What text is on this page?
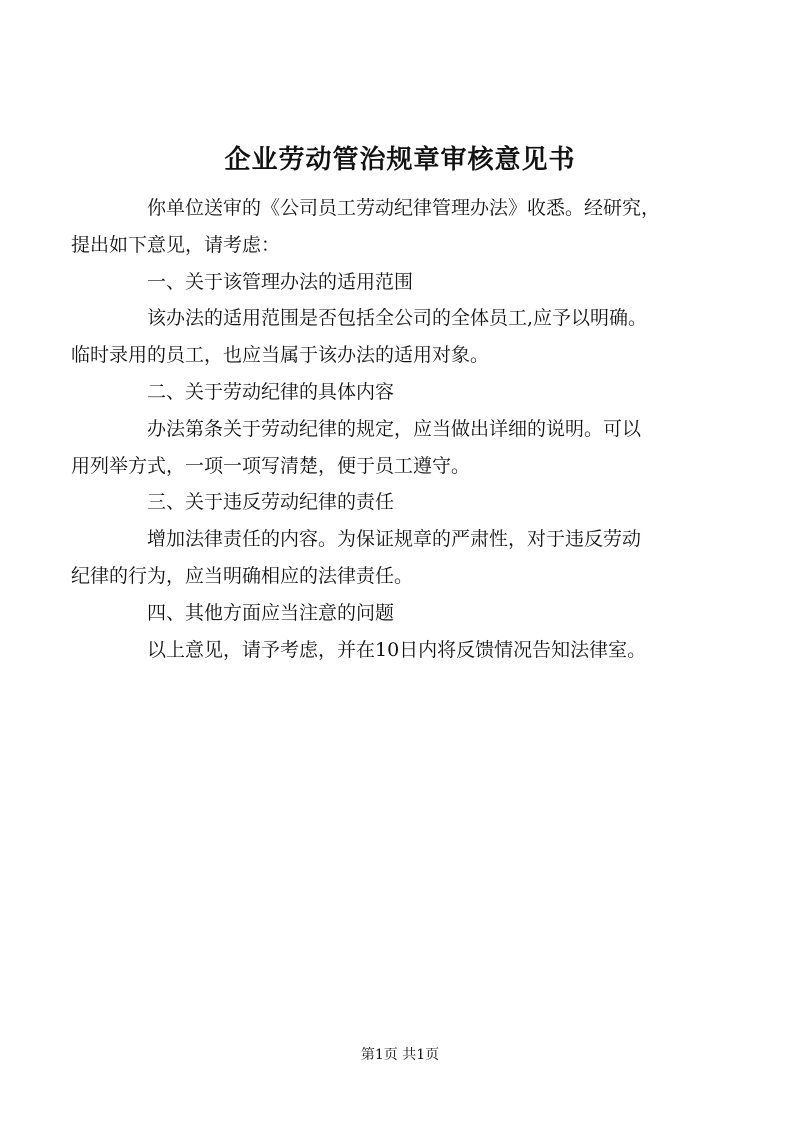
企业劳动管治规章审核意见书

你单位送审的《公司员工劳动纪律管理办法》收悉。经研究，
提出如下意见，请考虑：

一、关于该管理办法的适用范围

该办法的适用范围是否包括全公司的全体员工,应予以明确。
临时录用的员工，也应当属于该办法的适用对象。

二、关于劳动纪律的具体内容

办法第条关于劳动纪律的规定，应当做出详细的说明。可以
用列举方式，一项一项写清楚，便于员工遵守。

三、关于违反劳动纪律的责任

增加法律责任的内容。为保证规章的严肃性，对于违反劳动
纪律的行为，应当明确相应的法律责任。

四、其他方面应当注意的问题

以上意见，请予考虑，并在10日内将反馈情况告知法律室。

第1页 共1页
